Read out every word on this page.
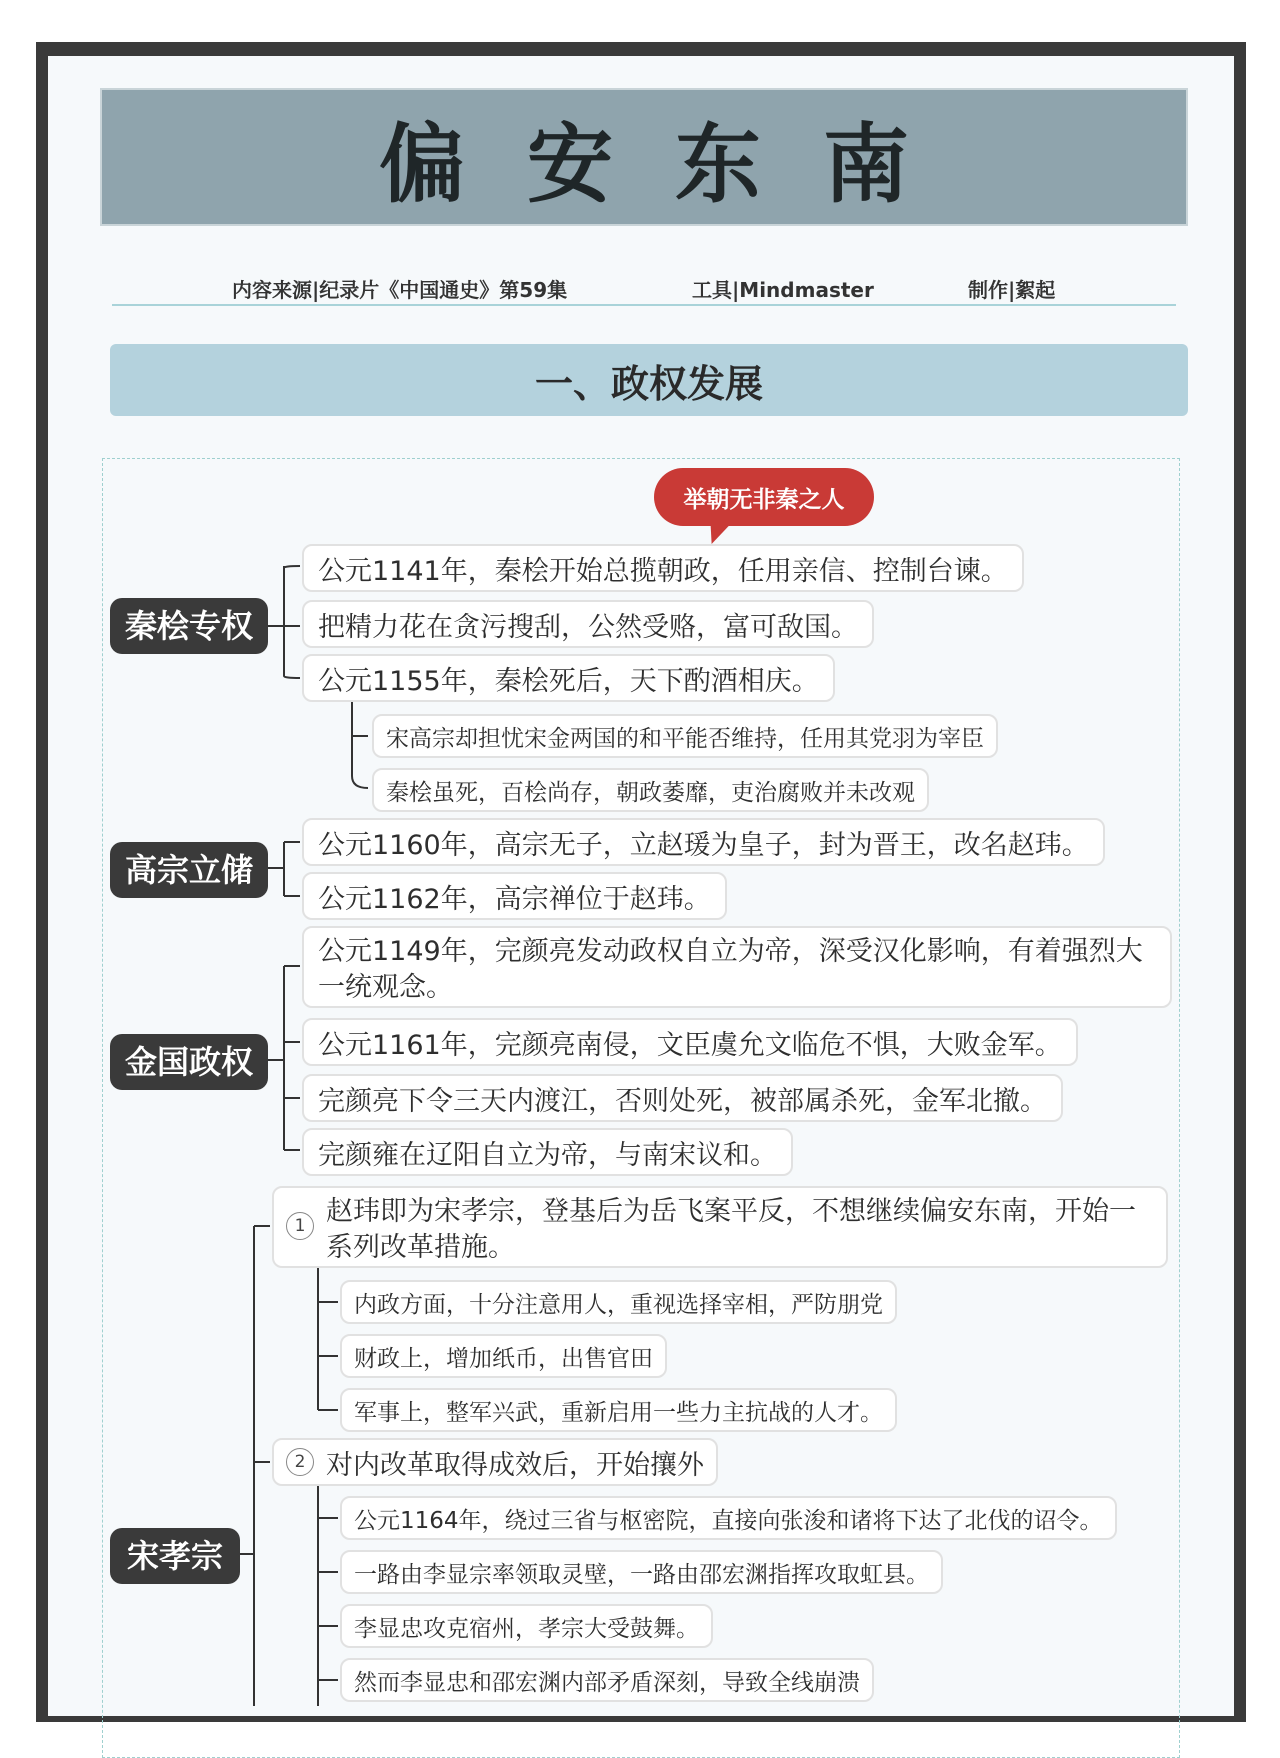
偏安东南
内容来源|纪录片《中国通史》第59集	工具|Mindmaster	制作|絮起
一、政权发展
举朝无非秦之人
秦桧专权
公元1141年，秦桧开始总揽朝政，任用亲信、控制台谏。
把精力花在贪污搜刮，公然受赂，富可敌国。
公元1155年，秦桧死后，天下酌酒相庆。
宋高宗却担忧宋金两国的和平能否维持，任用其党羽为宰臣
秦桧虽死，百桧尚存，朝政萎靡，吏治腐败并未改观
高宗立储
公元1160年，高宗无子，立赵瑗为皇子，封为晋王，改名赵玮。
公元1162年，高宗禅位于赵玮。
金国政权
公元1149年，完颜亮发动政权自立为帝，深受汉化影响，有着强烈大一统观念。
公元1161年，完颜亮南侵，文臣虞允文临危不惧，大败金军。
完颜亮下令三天内渡江，否则处死，被部属杀死，金军北撤。
完颜雍在辽阳自立为帝，与南宋议和。
宋孝宗
1 赵玮即为宋孝宗，登基后为岳飞案平反，不想继续偏安东南，开始一系列改革措施。
内政方面，十分注意用人，重视选择宰相，严防朋党
财政上，增加纸币，出售官田
军事上，整军兴武，重新启用一些力主抗战的人才。
2 对内改革取得成效后，开始攘外
公元1164年，绕过三省与枢密院，直接向张浚和诸将下达了北伐的诏令。
一路由李显宗率领取灵壁，一路由邵宏渊指挥攻取虹县。
李显忠攻克宿州，孝宗大受鼓舞。
然而李显忠和邵宏渊内部矛盾深刻，导致全线崩溃
